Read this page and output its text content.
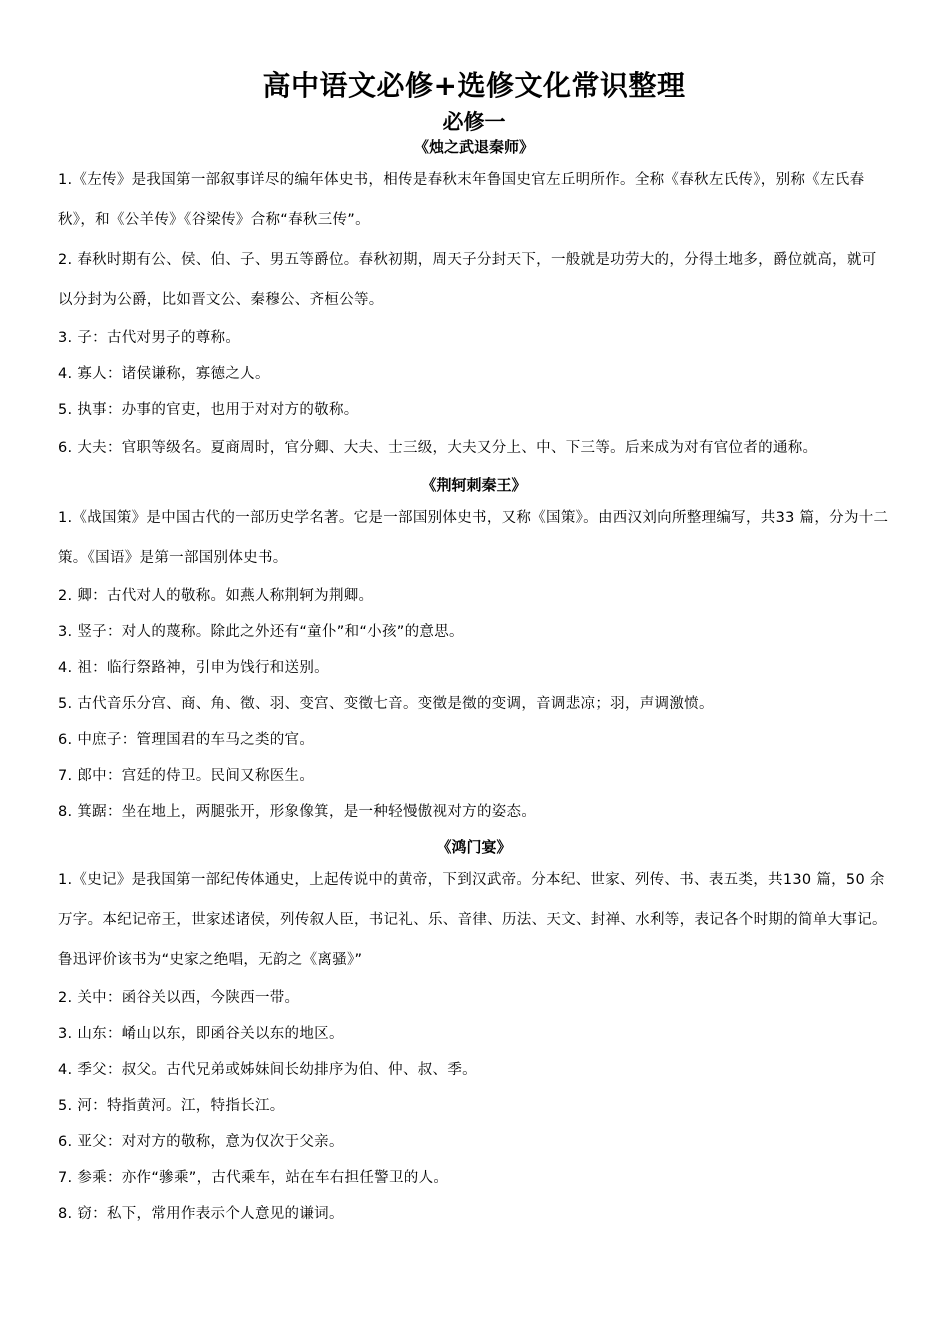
高中语文必修+选修文化常识整理
必修一
《烛之武退秦师》

1.《左传》是我国第一部叙事详尽的编年体史书，相传是春秋末年鲁国史官左丘明所作。全称《春秋左氏传》，别称《左氏春秋》，和《公羊传》《谷梁传》合称“春秋三传”。

2. 春秋时期有公、侯、伯、子、男五等爵位。春秋初期，周天子分封天下，一般就是功劳大的，分得土地多，爵位就高，就可以分封为公爵，比如晋文公、秦穆公、齐桓公等。

3. 子：古代对男子的尊称。

4. 寡人：诸侯谦称，寡德之人。

5. 执事：办事的官吏，也用于对对方的敬称。

6. 大夫：官职等级名。夏商周时，官分卿、大夫、士三级，大夫又分上、中、下三等。后来成为对有官位者的通称。

《荆轲刺秦王》

1.《战国策》是中国古代的一部历史学名著。它是一部国别体史书，又称《国策》。由西汉刘向所整理编写，共33 篇，分为十二策。《国语》是第一部国别体史书。

2. 卿：古代对人的敬称。如燕人称荆轲为荆卿。

3. 竖子：对人的蔑称。除此之外还有“童仆”和“小孩”的意思。

4. 祖：临行祭路神，引申为饯行和送别。

5. 古代音乐分宫、商、角、徵、羽、变宫、变徵七音。变徵是徵的变调，音调悲凉；羽，声调激愤。

6. 中庶子：管理国君的车马之类的官。

7. 郎中：宫廷的侍卫。民间又称医生。

8. 箕踞：坐在地上，两腿张开，形象像箕，是一种轻慢傲视对方的姿态。

《鸿门宴》

1.《史记》是我国第一部纪传体通史，上起传说中的黄帝，下到汉武帝。分本纪、世家、列传、书、表五类，共130 篇，50 余万字。本纪记帝王，世家述诸侯，列传叙人臣，书记礼、乐、音律、历法、天文、封禅、水利等，表记各个时期的简单大事记。鲁迅评价该书为“史家之绝唱，无韵之《离骚》”

2. 关中：函谷关以西，今陕西一带。

3. 山东：崤山以东，即函谷关以东的地区。

4. 季父：叔父。古代兄弟或姊妹间长幼排序为伯、仲、叔、季。

5. 河：特指黄河。江，特指长江。

6. 亚父：对对方的敬称，意为仅次于父亲。

7. 参乘：亦作“骖乘”，古代乘车，站在车右担任警卫的人。

8. 窃：私下，常用作表示个人意见的谦词。
